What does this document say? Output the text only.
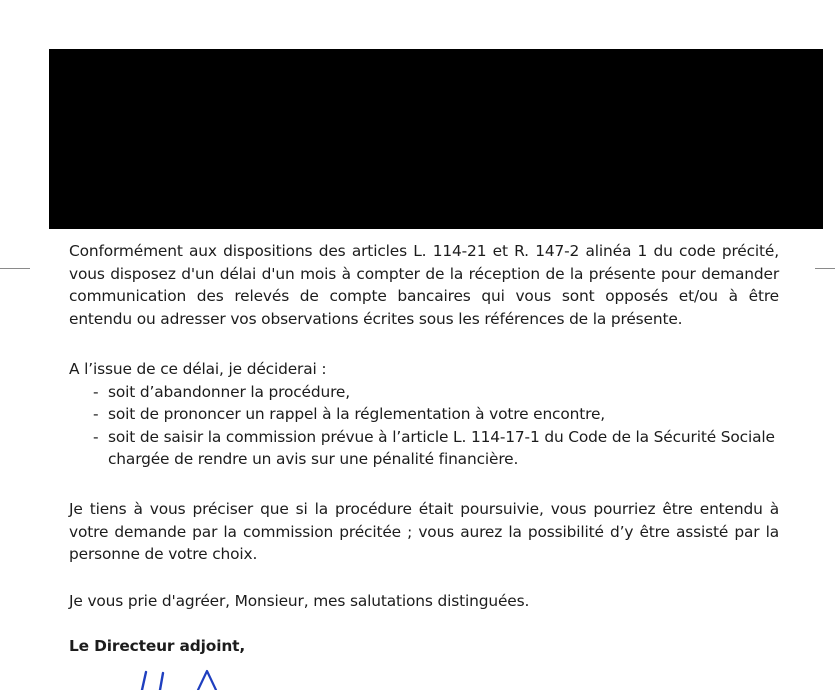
Conformément aux dispositions des articles L. 114-21 et R. 147-2 alinéa 1 du code précité,
vous disposez d'un délai d'un mois à compter de la réception de la présente pour demander
communication des relevés de compte bancaires qui vous sont opposés et/ou à être
entendu ou adresser vos observations écrites sous les références de la présente.
A l’issue de ce délai, je déciderai :
- soit d’abandonner la procédure,
- soit de prononcer un rappel à la réglementation à votre encontre,
- soit de saisir la commission prévue à l’article L. 114-17-1 du Code de la Sécurité Sociale
chargée de rendre un avis sur une pénalité financière.
Je tiens à vous préciser que si la procédure était poursuivie, vous pourriez être entendu à
votre demande par la commission précitée ; vous aurez la possibilité d’y être assisté par la
personne de votre choix.
Je vous prie d'agréer, Monsieur, mes salutations distinguées.
Le Directeur adjoint,
